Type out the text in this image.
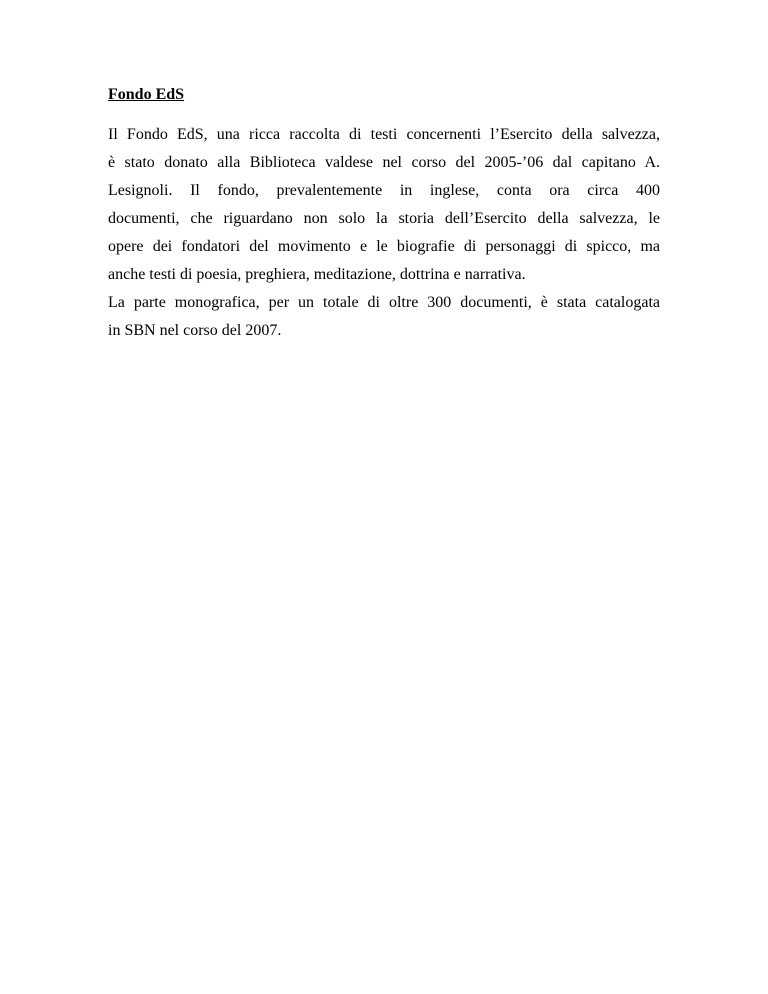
Fondo EdS
Il Fondo EdS, una ricca raccolta di testi concernenti l’Esercito della salvezza,
è stato donato alla Biblioteca valdese nel corso del 2005-’06 dal capitano A.
Lesignoli. Il fondo, prevalentemente in inglese, conta ora circa 400
documenti, che riguardano non solo la storia dell’Esercito della salvezza, le
opere dei fondatori del movimento e le biografie di personaggi di spicco, ma
anche testi di poesia, preghiera, meditazione, dottrina e narrativa.
La parte monografica, per un totale di oltre 300 documenti, è stata catalogata
in SBN nel corso del 2007.
